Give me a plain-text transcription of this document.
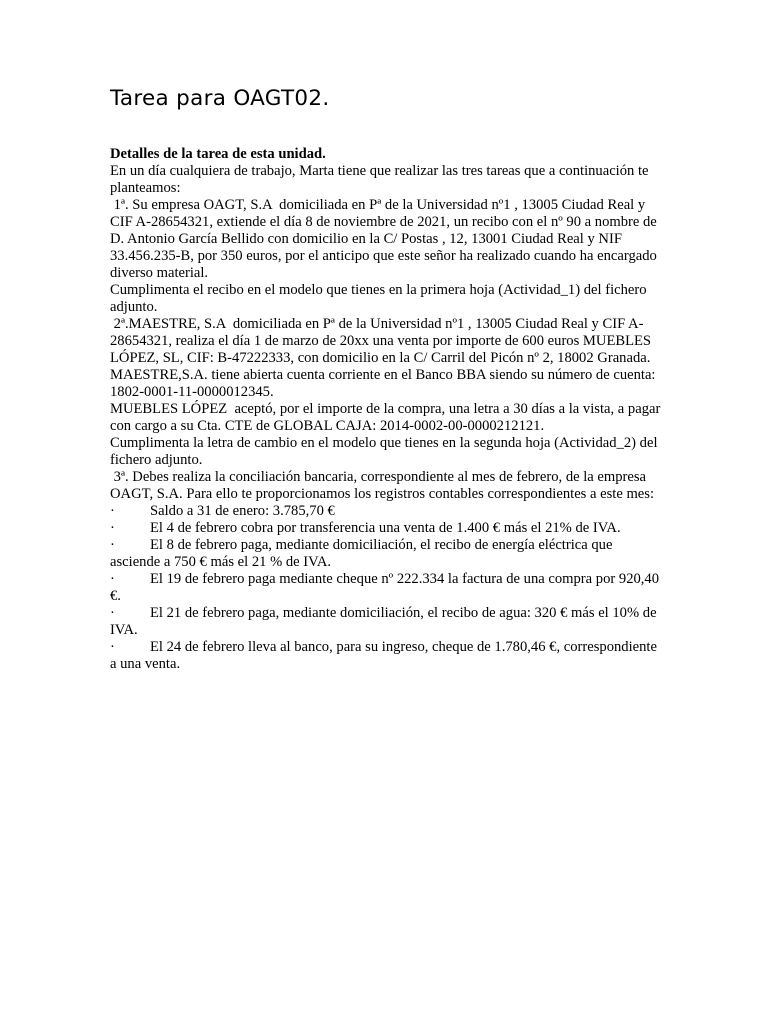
Tarea para OAGT02.
Detalles de la tarea de esta unidad.

En un día cualquiera de trabajo, Marta tiene que realizar las tres tareas que a continuación te planteamos:

1ª. Su empresa OAGT, S.A  domiciliada en Pª de la Universidad nº1 , 13005 Ciudad Real y CIF A-28654321, extiende el día 8 de noviembre de 2021, un recibo con el nº 90 a nombre de D. Antonio García Bellido con domicilio en la C/ Postas , 12, 13001 Ciudad Real y NIF 33.456.235-B, por 350 euros, por el anticipo que este señor ha realizado cuando ha encargado diverso material.

Cumplimenta el recibo en el modelo que tienes en la primera hoja (Actividad_1) del fichero adjunto.

2ª.MAESTRE, S.A  domiciliada en Pª de la Universidad nº1 , 13005 Ciudad Real y CIF A-28654321, realiza el día 1 de marzo de 20xx una venta por importe de 600 euros MUEBLES LÓPEZ, SL, CIF: B-47222333, con domicilio en la C/ Carril del Picón nº 2, 18002 Granada.

MAESTRE,S.A. tiene abierta cuenta corriente en el Banco BBA siendo su número de cuenta: 1802-0001-11-0000012345.

MUEBLES LÓPEZ  aceptó, por el importe de la compra, una letra a 30 días a la vista, a pagar con cargo a su Cta. CTE de GLOBAL CAJA: 2014-0002-00-0000212121.

Cumplimenta la letra de cambio en el modelo que tienes en la segunda hoja (Actividad_2) del fichero adjunto.

3ª. Debes realiza la conciliación bancaria, correspondiente al mes de febrero, de la empresa OAGT, S.A. Para ello te proporcionamos los registros contables correspondientes a este mes:

· Saldo a 31 de enero: 3.785,70 €

· El 4 de febrero cobra por transferencia una venta de 1.400 € más el 21% de IVA.

· El 8 de febrero paga, mediante domiciliación, el recibo de energía eléctrica que asciende a 750 € más el 21 % de IVA.

· El 19 de febrero paga mediante cheque nº 222.334 la factura de una compra por 920,40 €.

· El 21 de febrero paga, mediante domiciliación, el recibo de agua: 320 € más el 10% de IVA.

· El 24 de febrero lleva al banco, para su ingreso, cheque de 1.780,46 €, correspondiente a una venta.
